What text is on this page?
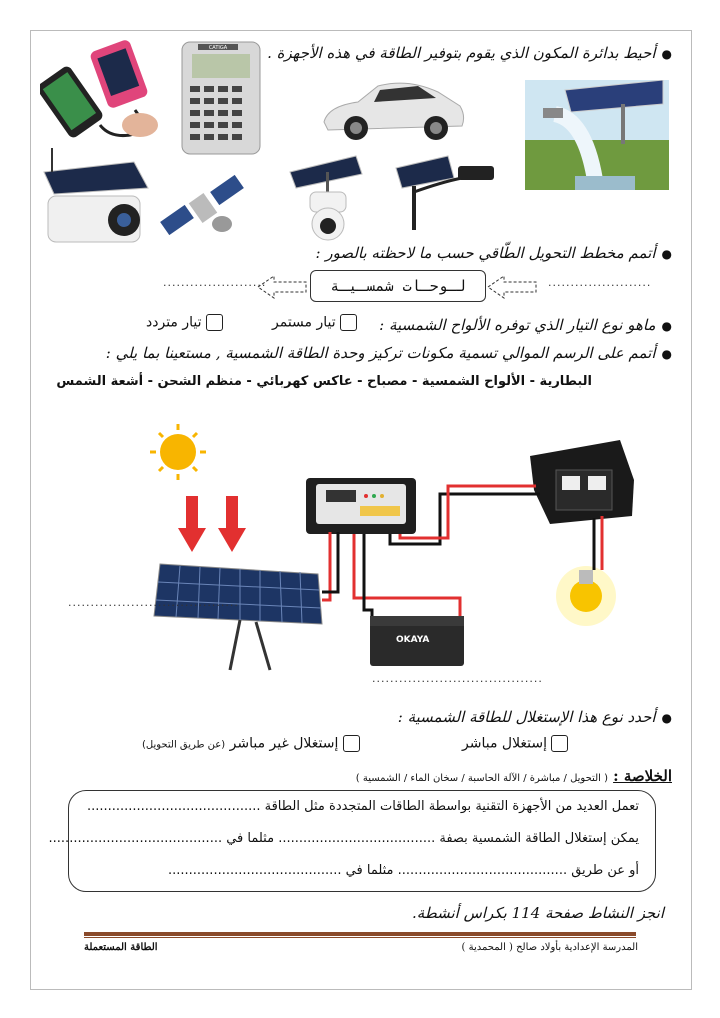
●أحيط بدائرة المكون الذي يقوم بتوفير الطاقة في هذه الأجهزة .
CATIGA
●أتمم مخطط التحويل الطّاقي حسب ما لاحظته بالصور :
.......................	لـوحـات شمسـيـة	.......................
●ماهو نوع التيار الذي توفره الألواح الشمسية :
تيار مستمر
تيار متردد
●أتمم على الرسم الموالي تسمية مكونات تركيز وحدة الطاقة الشمسية , مستعينا بما يلي :
البطارية - الألواح الشمسية - مصباح - عاكس كهربائي - منظم الشحن - أشعة الشمس
OKAYA
......................................
......................................
●أحدد نوع هذا الإستغلال للطاقة الشمسية :
إستغلال مباشر
(عن طريق التحويل) إستغلال غير مباشر
الخلاصة : ( التحويل / مباشرة / الآلة الحاسبة / سخان الماء / الشمسية )
تعمل العديد من الأجهزة التقنية بواسطة الطاقات المتجددة مثل الطاقة ..........................................
يمكن إستغلال الطاقة الشمسية بصفة ...................................... مثلما في ..........................................
أو عن طريق ......................................... مثلما في ..........................................
انجز النشاط صفحة 114 بكراس أنشطة.
المدرسة الإعدادية بأولاد صالح ( المحمدية )
الطاقة المستعملة
